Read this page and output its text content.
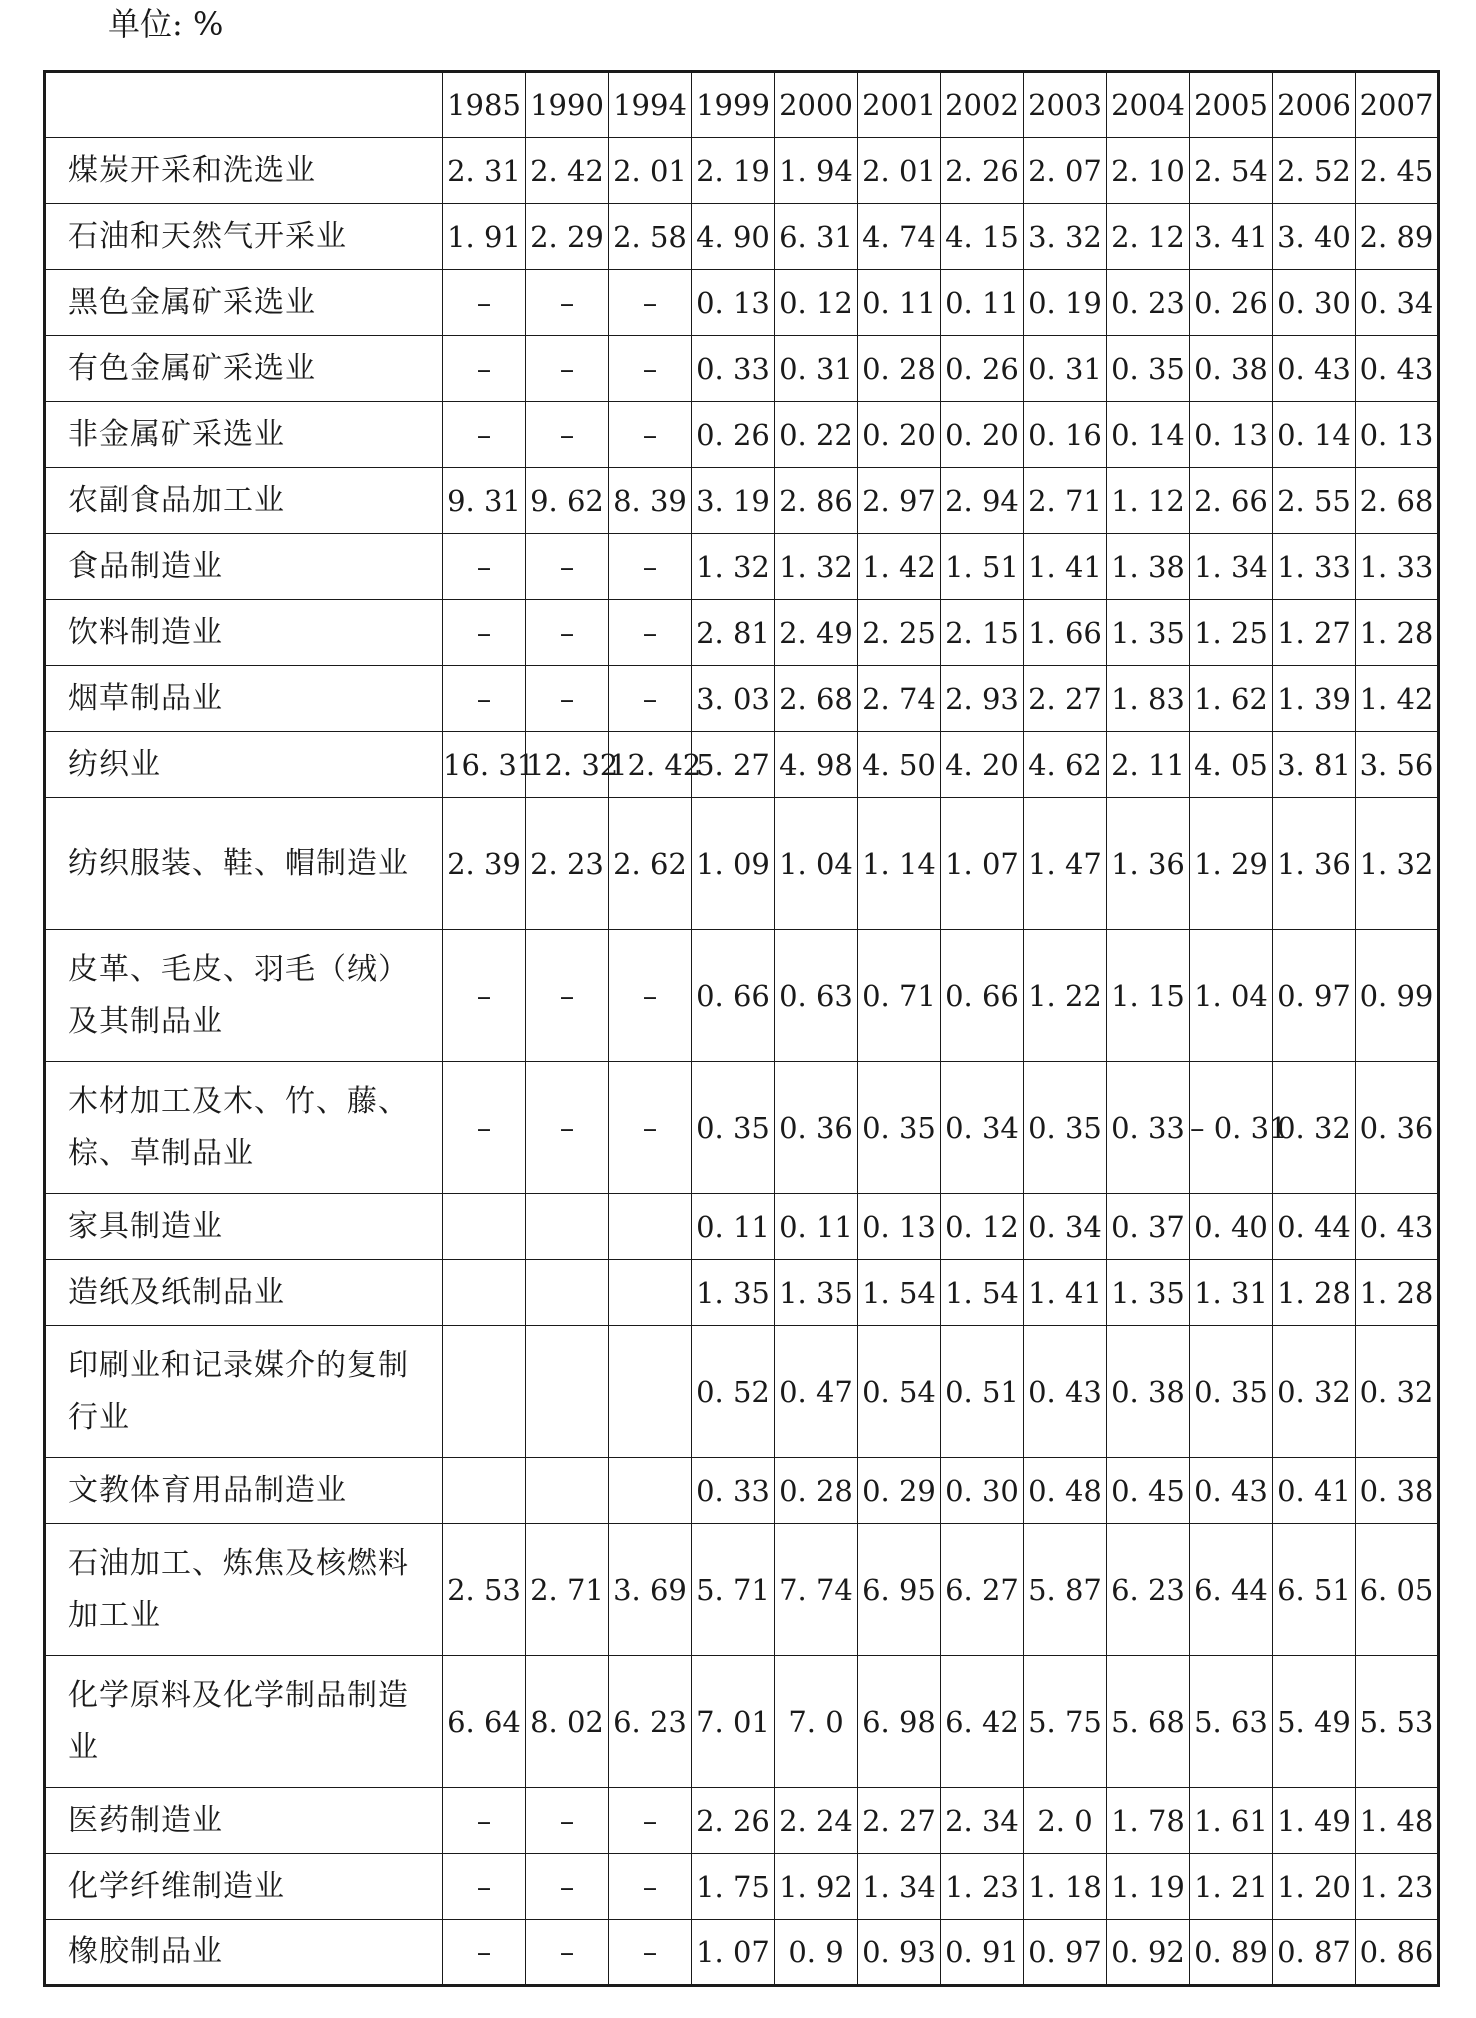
单位: %
	1985	1990	1994	1999	2000	2001	2002	2003	2004	2005	2006	2007
煤炭开采和洗选业	2. 31	2. 42	2. 01	2. 19	1. 94	2. 01	2. 26	2. 07	2. 10	2. 54	2. 52	2. 45
石油和天然气开采业	1. 91	2. 29	2. 58	4. 90	6. 31	4. 74	4. 15	3. 32	2. 12	3. 41	3. 40	2. 89
黑色金属矿采选业	–	–	–	0. 13	0. 12	0. 11	0. 11	0. 19	0. 23	0. 26	0. 30	0. 34
有色金属矿采选业	–	–	–	0. 33	0. 31	0. 28	0. 26	0. 31	0. 35	0. 38	0. 43	0. 43
非金属矿采选业	–	–	–	0. 26	0. 22	0. 20	0. 20	0. 16	0. 14	0. 13	0. 14	0. 13
农副食品加工业	9. 31	9. 62	8. 39	3. 19	2. 86	2. 97	2. 94	2. 71	1. 12	2. 66	2. 55	2. 68
食品制造业	–	–	–	1. 32	1. 32	1. 42	1. 51	1. 41	1. 38	1. 34	1. 33	1. 33
饮料制造业	–	–	–	2. 81	2. 49	2. 25	2. 15	1. 66	1. 35	1. 25	1. 27	1. 28
烟草制品业	–	–	–	3. 03	2. 68	2. 74	2. 93	2. 27	1. 83	1. 62	1. 39	1. 42
纺织业	16. 31	12. 32	12. 42	5. 27	4. 98	4. 50	4. 20	4. 62	2. 11	4. 05	3. 81	3. 56
纺织服装、鞋、帽制造业	2. 39	2. 23	2. 62	1. 09	1. 04	1. 14	1. 07	1. 47	1. 36	1. 29	1. 36	1. 32
皮革、毛皮、羽毛（绒）及其制品业	–	–	–	0. 66	0. 63	0. 71	0. 66	1. 22	1. 15	1. 04	0. 97	0. 99
木材加工及木、竹、藤、棕、草制品业	–	–	–	0. 35	0. 36	0. 35	0. 34	0. 35	0. 33	– 0. 31	0. 32	0. 36
家具制造业				0. 11	0. 11	0. 13	0. 12	0. 34	0. 37	0. 40	0. 44	0. 43
造纸及纸制品业				1. 35	1. 35	1. 54	1. 54	1. 41	1. 35	1. 31	1. 28	1. 28
印刷业和记录媒介的复制行业				0. 52	0. 47	0. 54	0. 51	0. 43	0. 38	0. 35	0. 32	0. 32
文教体育用品制造业				0. 33	0. 28	0. 29	0. 30	0. 48	0. 45	0. 43	0. 41	0. 38
石油加工、炼焦及核燃料加工业	2. 53	2. 71	3. 69	5. 71	7. 74	6. 95	6. 27	5. 87	6. 23	6. 44	6. 51	6. 05
化学原料及化学制品制造业	6. 64	8. 02	6. 23	7. 01	7. 0	6. 98	6. 42	5. 75	5. 68	5. 63	5. 49	5. 53
医药制造业	–	–	–	2. 26	2. 24	2. 27	2. 34	2. 0	1. 78	1. 61	1. 49	1. 48
化学纤维制造业	–	–	–	1. 75	1. 92	1. 34	1. 23	1. 18	1. 19	1. 21	1. 20	1. 23
橡胶制品业	–	–	–	1. 07	0. 9	0. 93	0. 91	0. 97	0. 92	0. 89	0. 87	0. 86
